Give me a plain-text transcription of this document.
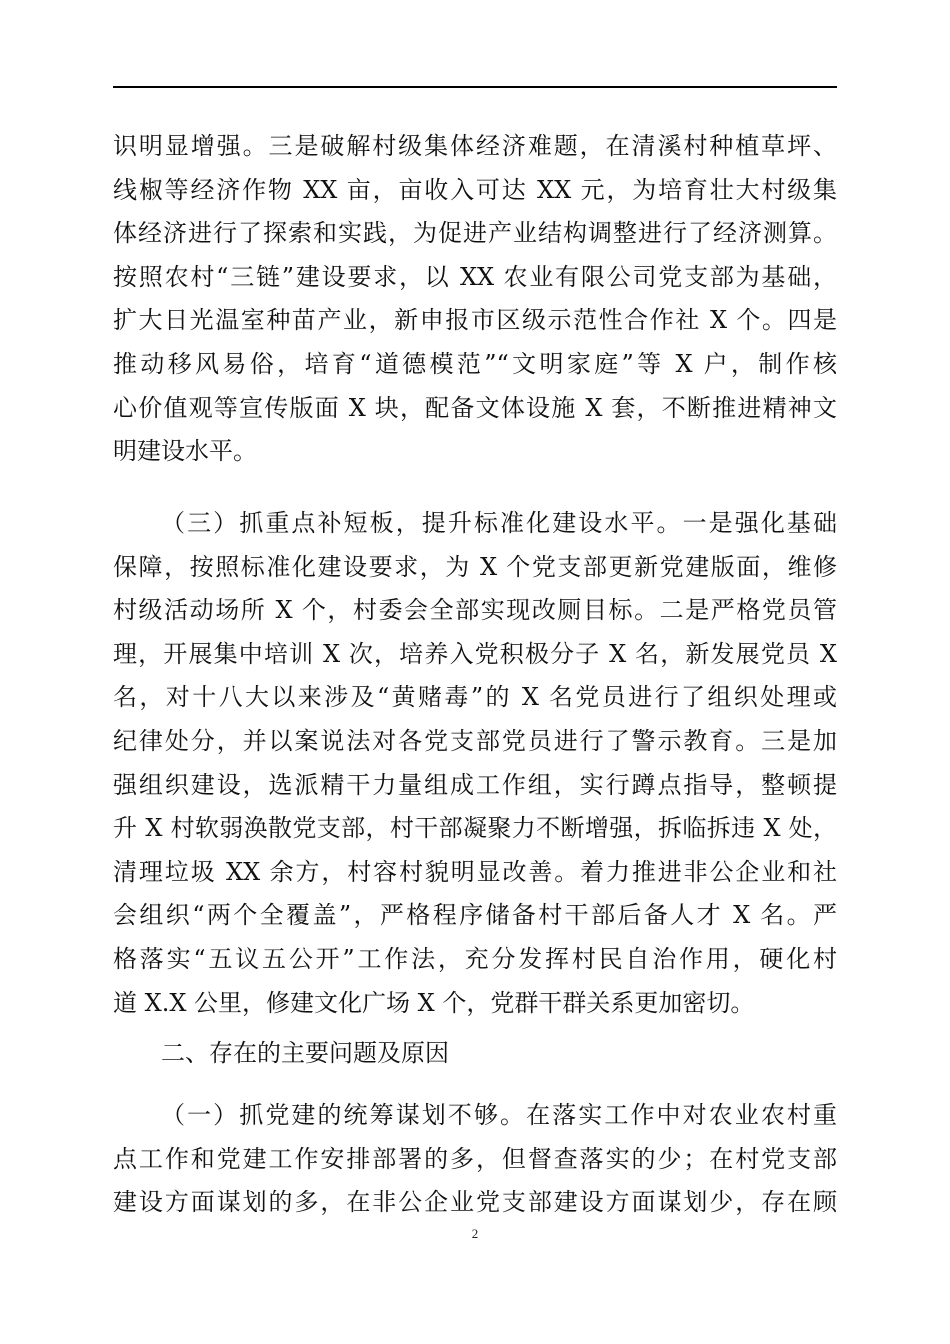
识明显增强。三是破解村级集体经济难题，在清溪村种植草坪、
线椒等经济作物 XX 亩，亩收入可达 XX 元，为培育壮大村级集
体经济进行了探索和实践，为促进产业结构调整进行了经济测算。
按照农村“三链”建设要求，以 XX 农业有限公司党支部为基础，
扩大日光温室种苗产业，新申报市区级示范性合作社 X 个。四是
推动移风易俗，培育“道德模范”“文明家庭”等 X 户，制作核
心价值观等宣传版面 X 块，配备文体设施 X 套，不断推进精神文
明建设水平。
（三）抓重点补短板，提升标准化建设水平。一是强化基础
保障，按照标准化建设要求，为 X 个党支部更新党建版面，维修
村级活动场所 X 个，村委会全部实现改厕目标。二是严格党员管
理，开展集中培训 X 次，培养入党积极分子 X 名，新发展党员 X
名，对十八大以来涉及“黄赌毒”的 X 名党员进行了组织处理或
纪律处分，并以案说法对各党支部党员进行了警示教育。三是加
强组织建设，选派精干力量组成工作组，实行蹲点指导，整顿提
升 X 村软弱涣散党支部，村干部凝聚力不断增强，拆临拆违 X 处，
清理垃圾 XX 余方，村容村貌明显改善。着力推进非公企业和社
会组织“两个全覆盖”，严格程序储备村干部后备人才 X 名。严
格落实“五议五公开”工作法，充分发挥村民自治作用，硬化村
道 X.X 公里，修建文化广场 X 个，党群干群关系更加密切。
二、存在的主要问题及原因
（一）抓党建的统筹谋划不够。在落实工作中对农业农村重
点工作和党建工作安排部署的多，但督查落实的少；在村党支部
建设方面谋划的多，在非公企业党支部建设方面谋划少，存在顾
2
